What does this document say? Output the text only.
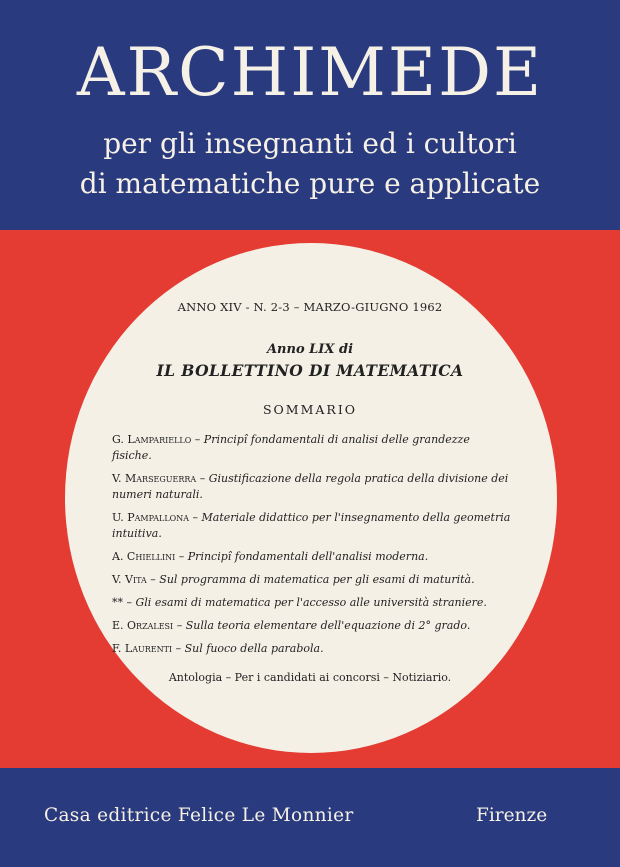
ARCHIMEDE
per gli insegnanti ed i cultori
di matematiche pure e applicate
ANNO XIV - N. 2-3 – MARZO-GIUGNO 1962
Anno LIX di
IL BOLLETTINO DI MATEMATICA
SOMMARIO
G. Lampariello – Principî fondamentali di analisi delle grandezze fisiche.
V. Marseguerra – Giustificazione della regola pratica della divisione dei numeri naturali.
U. Pampallona – Materiale didattico per l'insegnamento della geometria intuitiva.
A. Chiellini – Principî fondamentali dell'analisi moderna.
V. Vita – Sul programma di matematica per gli esami di maturità.
** – Gli esami di matematica per l'accesso alle università straniere.
E. Orzalesi – Sulla teoria elementare dell'equazione di 2° grado.
F. Laurenti – Sul fuoco della parabola.
Antologia – Per i candidati ai concorsi – Notiziario.
Casa editrice Felice Le Monnier	Firenze
